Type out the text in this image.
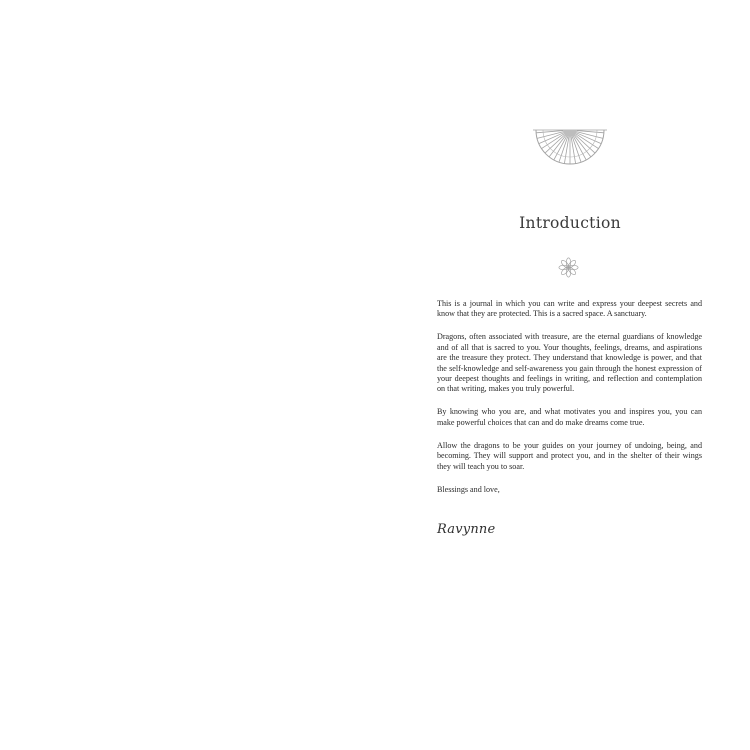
Introduction

This is a journal in which you can write and express your deepest secrets and know that they are protected. This is a sacred space. A sanctuary.

Dragons, often associated with treasure, are the eternal guardians of knowledge and of all that is sacred to you. Your thoughts, feelings, dreams, and aspirations are the treasure they protect. They understand that knowledge is power, and that the self-knowledge and self-awareness you gain through the honest expression of your deepest thoughts and feelings in writing, and reflection and contemplation on that writing, makes you truly powerful.

By knowing who you are, and what motivates you and inspires you, you can make powerful choices that can and do make dreams come true.

Allow the dragons to be your guides on your journey of undoing, being, and becoming. They will support and protect you, and in the shelter of their wings they will teach you to soar.

Blessings and love,

Ravynne
